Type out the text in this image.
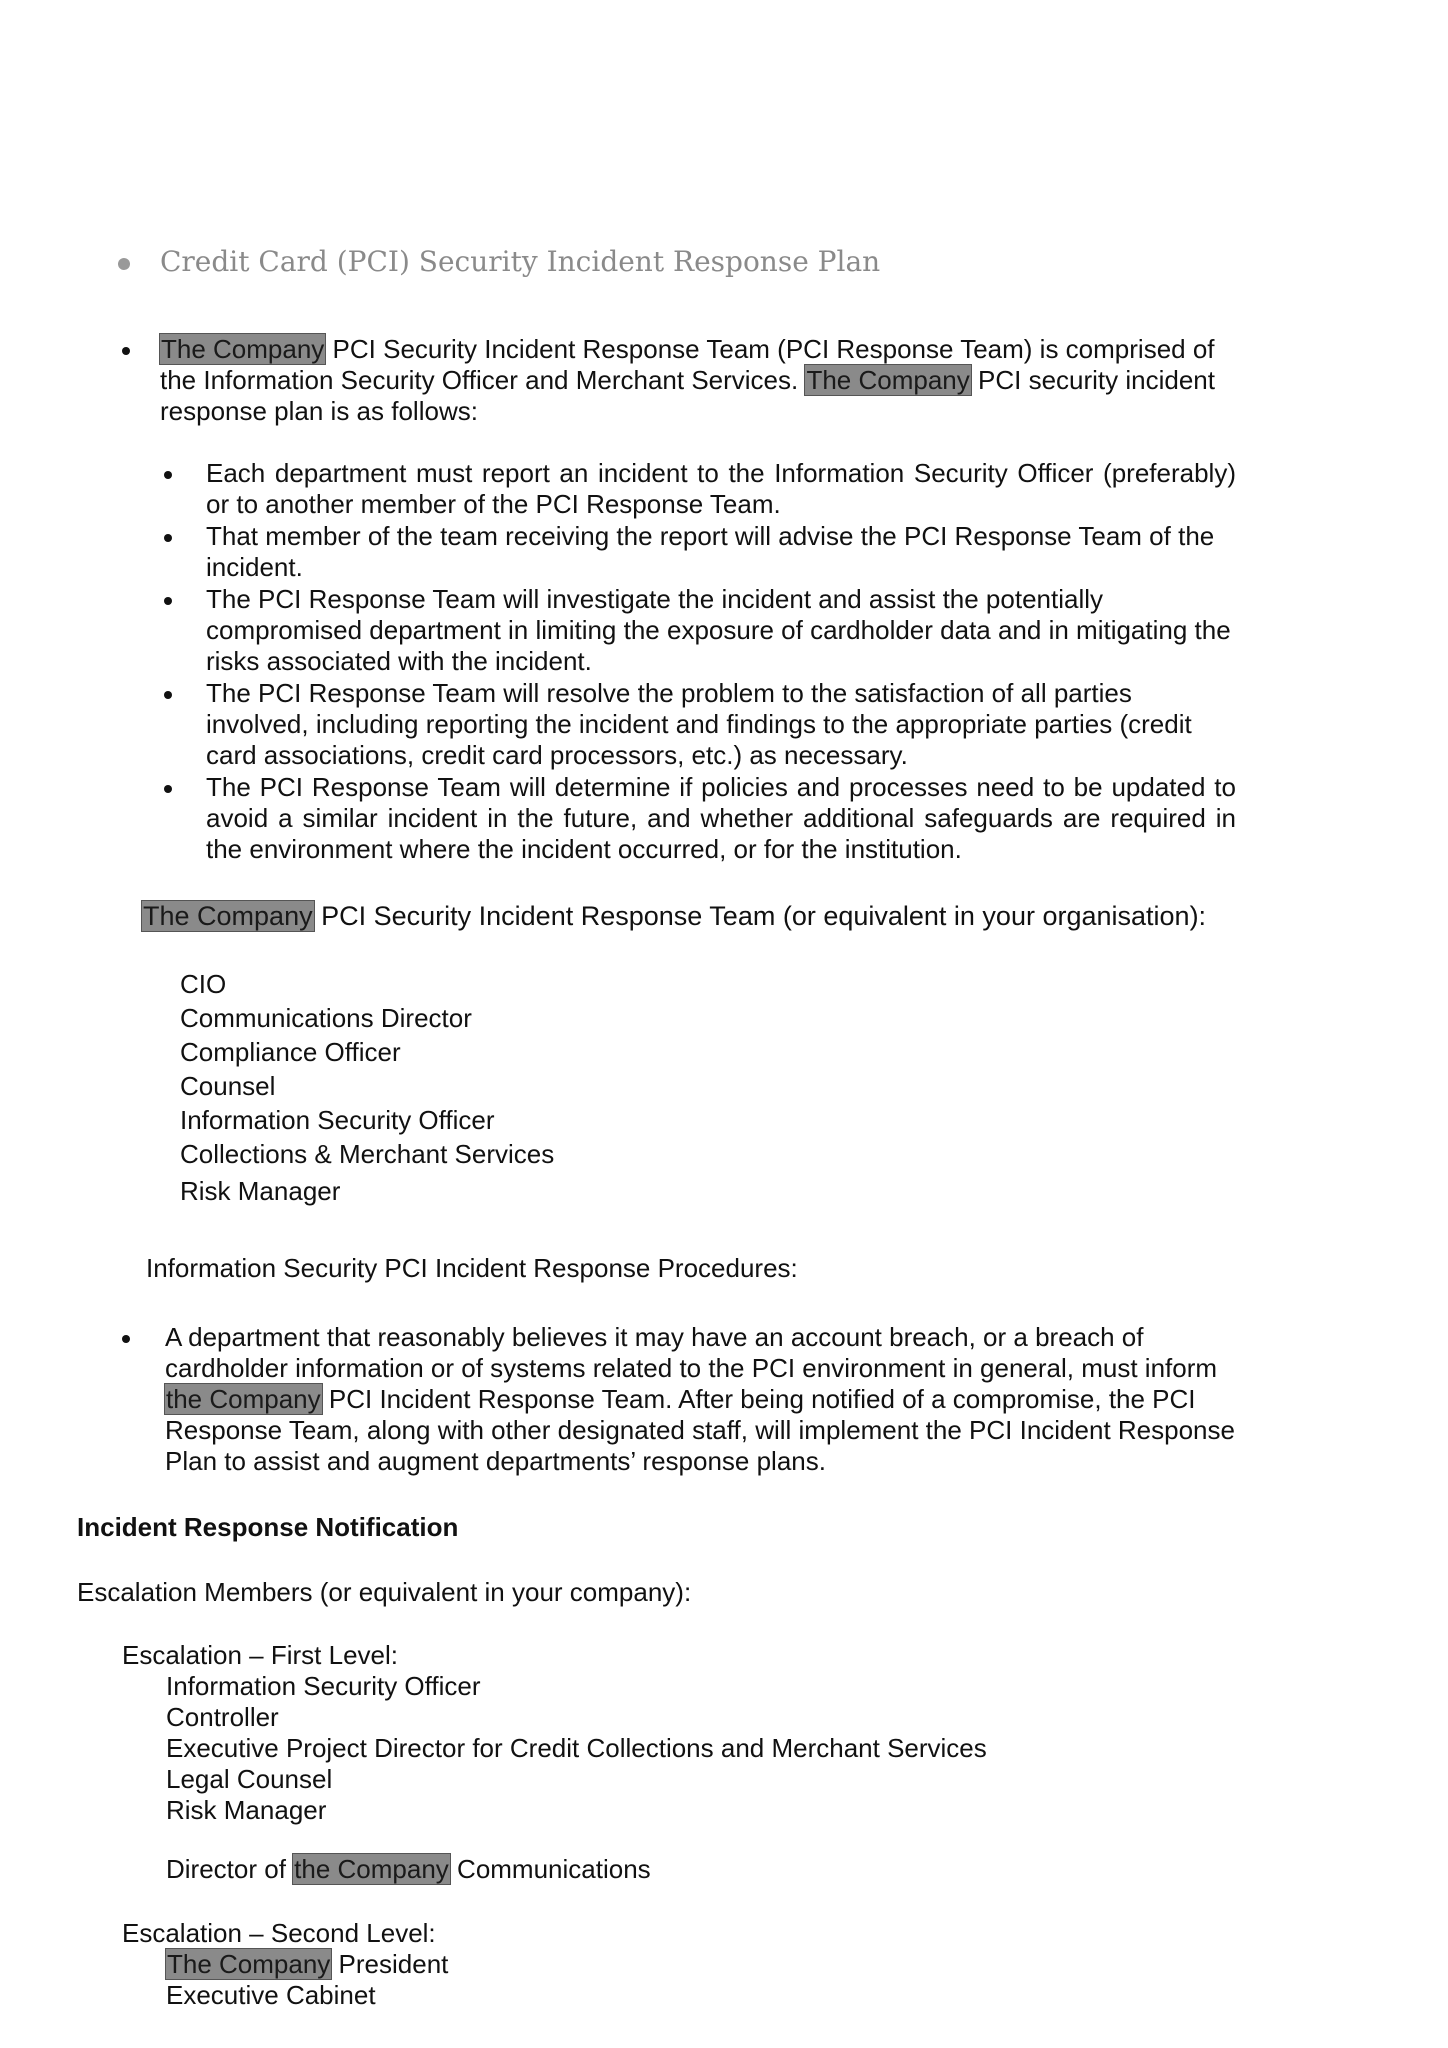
Credit Card (PCI) Security Incident Response Plan
The Company PCI Security Incident Response Team (PCI Response Team) is comprised of the Information Security Officer and Merchant Services. The Company PCI security incident response plan is as follows:
Each department must report an incident to the Information Security Officer (preferably) or to another member of the PCI Response Team.
That member of the team receiving the report will advise the PCI Response Team of the incident.
The PCI Response Team will investigate the incident and assist the potentially compromised department in limiting the exposure of cardholder data and in mitigating the risks associated with the incident.
The PCI Response Team will resolve the problem to the satisfaction of all parties involved, including reporting the incident and findings to the appropriate parties (credit card associations, credit card processors, etc.) as necessary.
The PCI Response Team will determine if policies and processes need to be updated to avoid a similar incident in the future, and whether additional safeguards are required in the environment where the incident occurred, or for the institution.
The Company PCI Security Incident Response Team (or equivalent in your organisation):
CIO
Communications Director
Compliance Officer
Counsel
Information Security Officer
Collections & Merchant Services
Risk Manager
Information Security PCI Incident Response Procedures:
A department that reasonably believes it may have an account breach, or a breach of cardholder information or of systems related to the PCI environment in general, must inform the Company PCI Incident Response Team. After being notified of a compromise, the PCI Response Team, along with other designated staff, will implement the PCI Incident Response Plan to assist and augment departments’ response plans.
Incident Response Notification
Escalation Members (or equivalent in your company):
Escalation – First Level:
Information Security Officer
Controller
Executive Project Director for Credit Collections and Merchant Services
Legal Counsel
Risk Manager
Director of the Company Communications
Escalation – Second Level:
The Company President
Executive Cabinet
